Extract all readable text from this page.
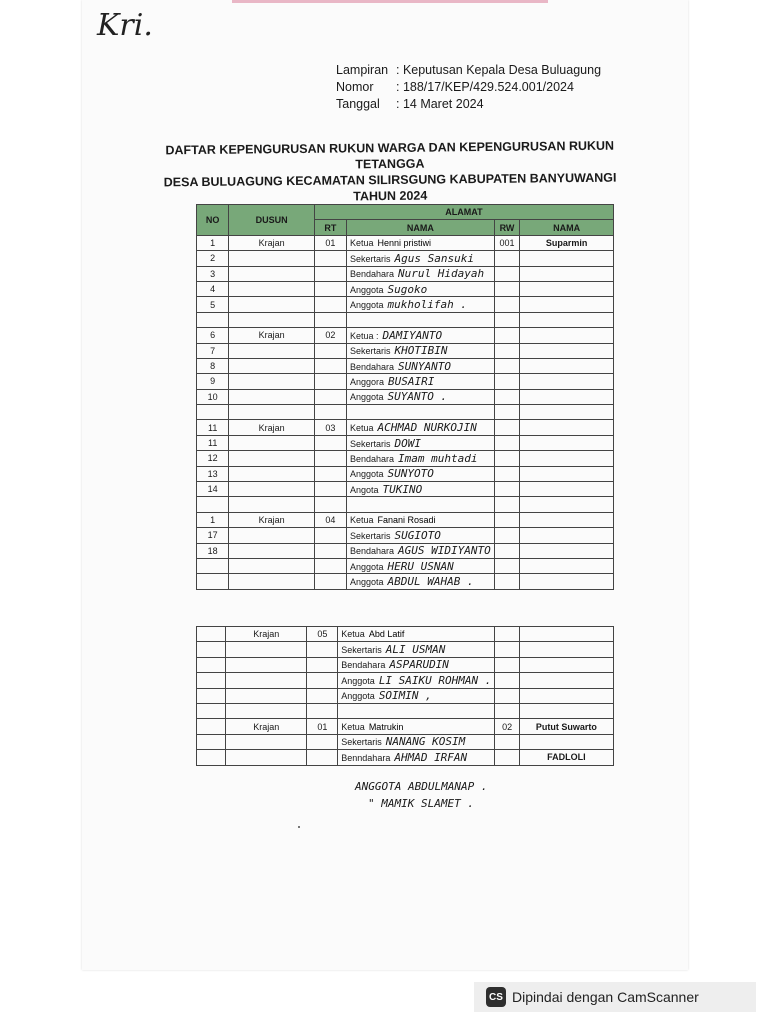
Kri.
Lampiran : Keputusan Kepala Desa Buluagung
Nomor	: 188/17/KEP/429.524.001/2024
Tanggal	: 14 Maret 2024
DAFTAR KEPENGURUSAN RUKUN WARGA DAN KEPENGURUSAN RUKUN TETANGGA
DESA BULUAGUNG KECAMATAN SILIRSGUNG KABUPATEN BANYUWANGI
TAHUN 2024
NO	DUSUN	ALAMAT			
		RT	NAMA	RW	NAMA
1	Krajan	01	Ketua Henni pristiwi	001	Suparmin
2			Sekertaris Agus Sansuki		
3			Bendahara Nurul Hidayah		
4			Anggota Sugoko		
5			Anggota mukholifah .		

6	Krajan	02	Ketua : DAMIYANTO		
7			Sekertaris KHOTIBIN		
8			Bendahara SUNYANTO		
9			Anggora BUSAIRI		
10			Anggota SUYANTO .		

11	Krajan	03	Ketua ACHMAD NURKOJIN		
11			Sekertaris DOWI		
12			Bendahara Imam muhtadi		
13			Anggota SUNYOTO		
14			Angota TUKINO		

1	Krajan	04	Ketua Fanani Rosadi		
17			Sekertaris SUGIOTO		
18			Bendahara AGUS WIDIYANTO		
			Anggota HERU USNAN		
			Anggota ABDUL WAHAB .		
	Krajan	05	Ketua Abd Latif		
			Sekertaris ALI USMAN		
			Bendahara ASPARUDIN		
			Anggota LI SAIKU ROHMAN .		
			Anggota SOIMIN ,		

	Krajan	01	Ketua Matrukin	02	Putut Suwarto
			Sekertaris NANANG KOSIM		
			Benndahara AHMAD IRFAN		FADLOLI
ANGGOTA ABDULMANAP .
" MAMIK SLAMET .
CS Dipindai dengan CamScanner
